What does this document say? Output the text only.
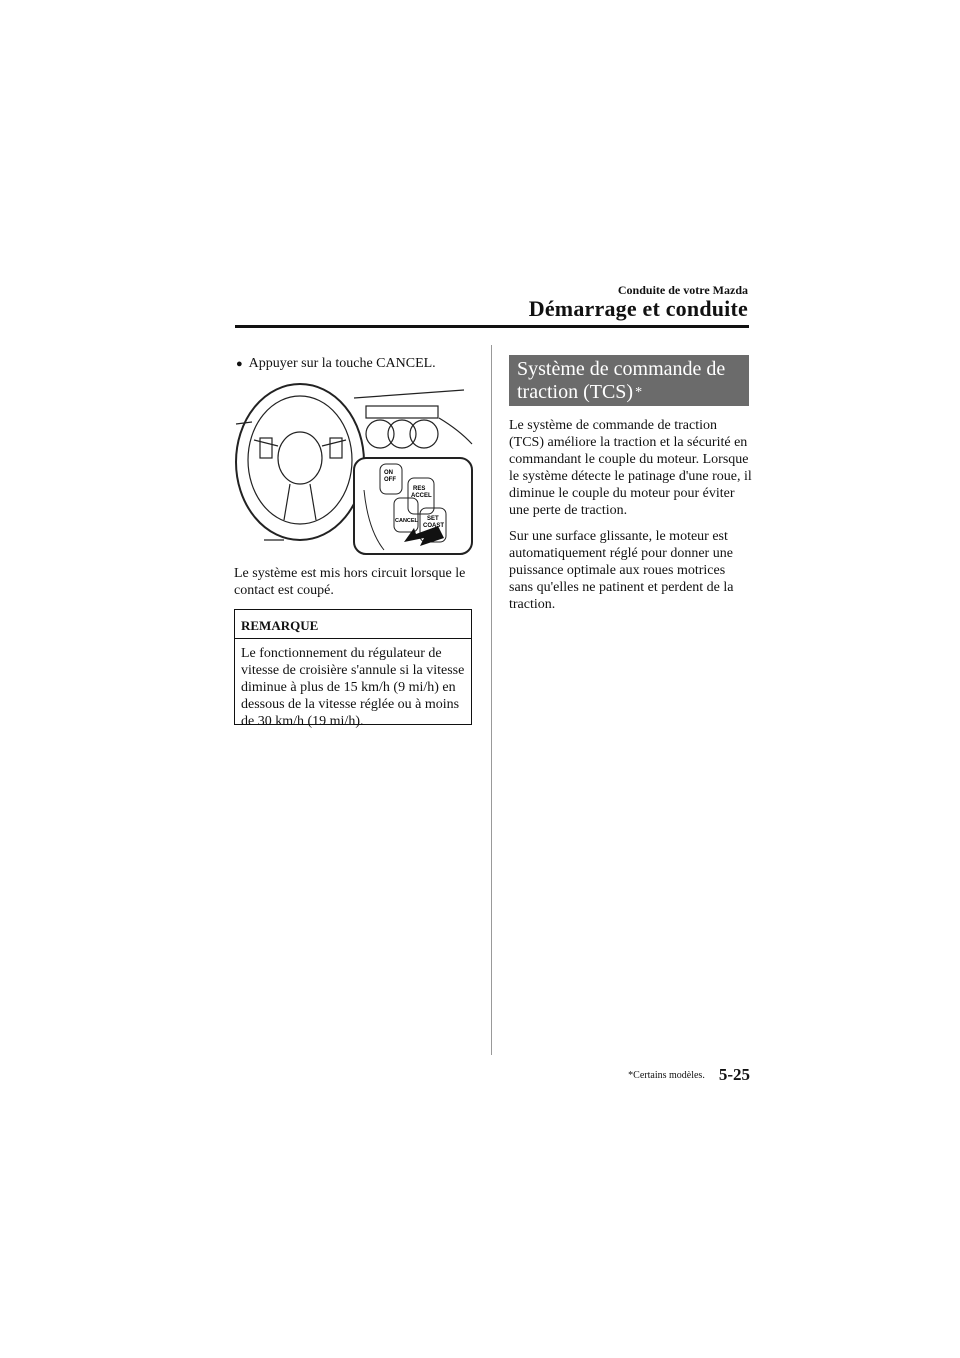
Conduite de votre Mazda
Démarrage et conduite
● Appuyer sur la touche CANCEL.
ON
OFF
RES
ACCEL
SET
COAST
CANCEL
Le système est mis hors circuit lorsque le contact est coupé.
REMARQUE
Le fonctionnement du régulateur de vitesse de croisière s'annule si la vitesse diminue à plus de 15 km/h (9 mi/h) en dessous de la vitesse réglée ou à moins de 30 km/h (19 mi/h).
Système de commande de traction (TCS) *
Le système de commande de traction (TCS) améliore la traction et la sécurité en commandant le couple du moteur. Lorsque le système détecte le patinage d'une roue, il diminue le couple du moteur pour éviter une perte de traction.
Sur une surface glissante, le moteur est automatiquement réglé pour donner une puissance optimale aux roues motrices sans qu'elles ne patinent et perdent de la traction.
*Certains modèles. 5-25
